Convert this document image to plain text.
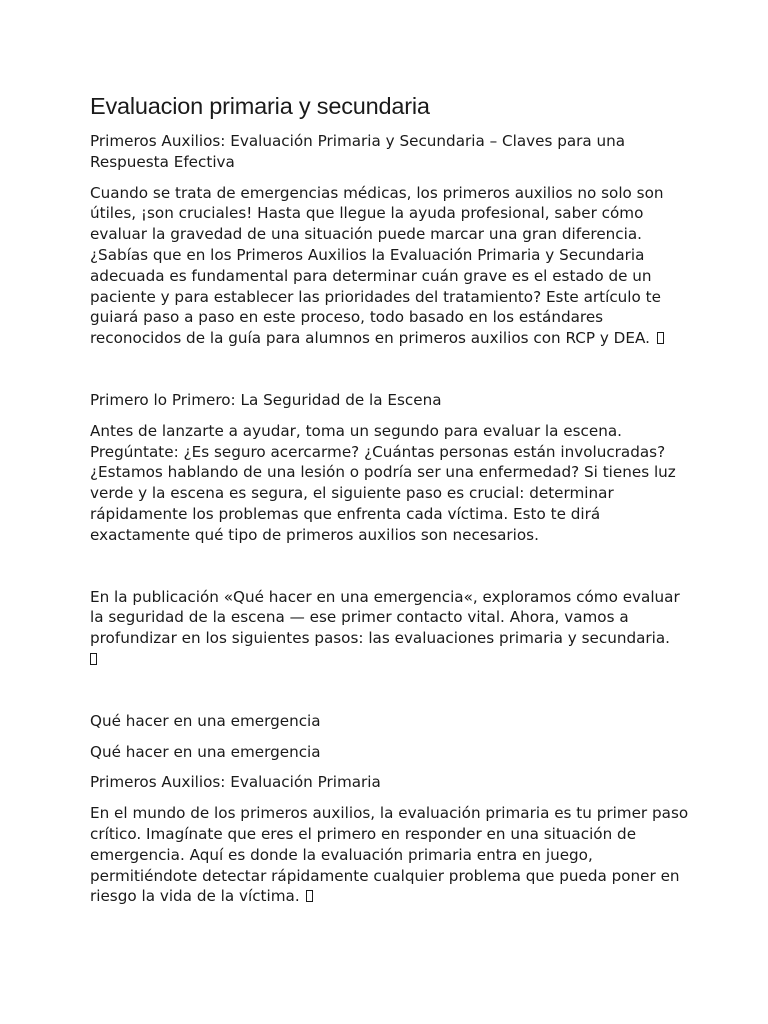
Evaluacion primaria y secundaria

Primeros Auxilios: Evaluación Primaria y Secundaria – Claves para una Respuesta Efectiva

Cuando se trata de emergencias médicas, los primeros auxilios no solo son útiles, ¡son cruciales! Hasta que llegue la ayuda profesional, saber cómo evaluar la gravedad de una situación puede marcar una gran diferencia. ¿Sabías que en los Primeros Auxilios la Evaluación Primaria y Secundaria adecuada es fundamental para determinar cuán grave es el estado de un paciente y para establecer las prioridades del tratamiento? Este artículo te guiará paso a paso en este proceso, todo basado en los estándares reconocidos de la guía para alumnos en primeros auxilios con RCP y DEA.

Primero lo Primero: La Seguridad de la Escena

Antes de lanzarte a ayudar, toma un segundo para evaluar la escena. Pregúntate: ¿Es seguro acercarme? ¿Cuántas personas están involucradas? ¿Estamos hablando de una lesión o podría ser una enfermedad? Si tienes luz verde y la escena es segura, el siguiente paso es crucial: determinar rápidamente los problemas que enfrenta cada víctima. Esto te dirá exactamente qué tipo de primeros auxilios son necesarios.

En la publicación «Qué hacer en una emergencia«, exploramos cómo evaluar la seguridad de la escena — ese primer contacto vital. Ahora, vamos a profundizar en los siguientes pasos: las evaluaciones primaria y secundaria.

Qué hacer en una emergencia

Qué hacer en una emergencia

Primeros Auxilios: Evaluación Primaria

En el mundo de los primeros auxilios, la evaluación primaria es tu primer paso crítico. Imagínate que eres el primero en responder en una situación de emergencia. Aquí es donde la evaluación primaria entra en juego, permitiéndote detectar rápidamente cualquier problema que pueda poner en riesgo la vida de la víctima.
